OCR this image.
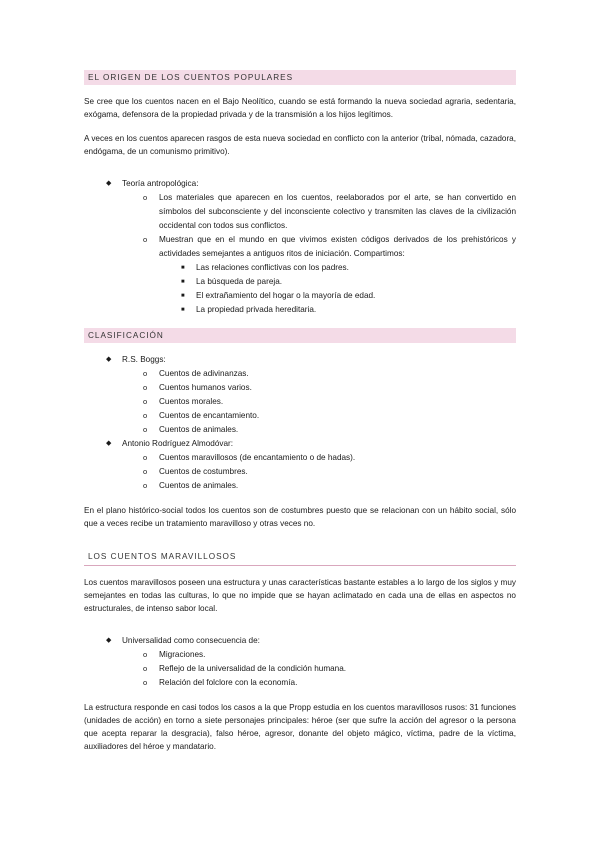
EL ORIGEN DE LOS CUENTOS POPULARES

Se cree que los cuentos nacen en el Bajo Neolítico, cuando se está formando la nueva sociedad agraria, sedentaria, exógama, defensora de la propiedad privada y de la transmisión a los hijos legítimos.

A veces en los cuentos aparecen rasgos de esta nueva sociedad en conflicto con la anterior (tribal, nómada, cazadora, endógama, de un comunismo primitivo).

◆ Teoría antropológica:
o Los materiales que aparecen en los cuentos, reelaborados por el arte, se han convertido en símbolos del subconsciente y del inconsciente colectivo y transmiten las claves de la civilización occidental con todos sus conflictos.
o Muestran que en el mundo en que vivimos existen códigos derivados de los prehistóricos y actividades semejantes a antiguos ritos de iniciación. Compartimos:
■ Las relaciones conflictivas con los padres.
■ La búsqueda de pareja.
■ El extrañamiento del hogar o la mayoría de edad.
■ La propiedad privada hereditaria.
CLASIFICACIÓN
◆ R.S. Boggs:
o Cuentos de adivinanzas.
o Cuentos humanos varios.
o Cuentos morales.
o Cuentos de encantamiento.
o Cuentos de animales.
◆ Antonio Rodríguez Almodóvar:
o Cuentos maravillosos (de encantamiento o de hadas).
o Cuentos de costumbres.
o Cuentos de animales.

En el plano histórico-social todos los cuentos son de costumbres puesto que se relacionan con un hábito social, sólo que a veces recibe un tratamiento maravilloso y otras veces no.

LOS CUENTOS MARAVILLOSOS

Los cuentos maravillosos poseen una estructura y unas características bastante estables a lo largo de los siglos y muy semejantes en todas las culturas, lo que no impide que se hayan aclimatado en cada una de ellas en aspectos no estructurales, de intenso sabor local.

◆ Universalidad como consecuencia de:
o Migraciones.
o Reflejo de la universalidad de la condición humana.
o Relación del folclore con la economía.

La estructura responde en casi todos los casos a la que Propp estudia en los cuentos maravillosos rusos: 31 funciones (unidades de acción) en torno a siete personajes principales: héroe (ser que sufre la acción del agresor o la persona que acepta reparar la desgracia), falso héroe, agresor, donante del objeto mágico, víctima, padre de la víctima, auxiliadores del héroe y mandatario.
